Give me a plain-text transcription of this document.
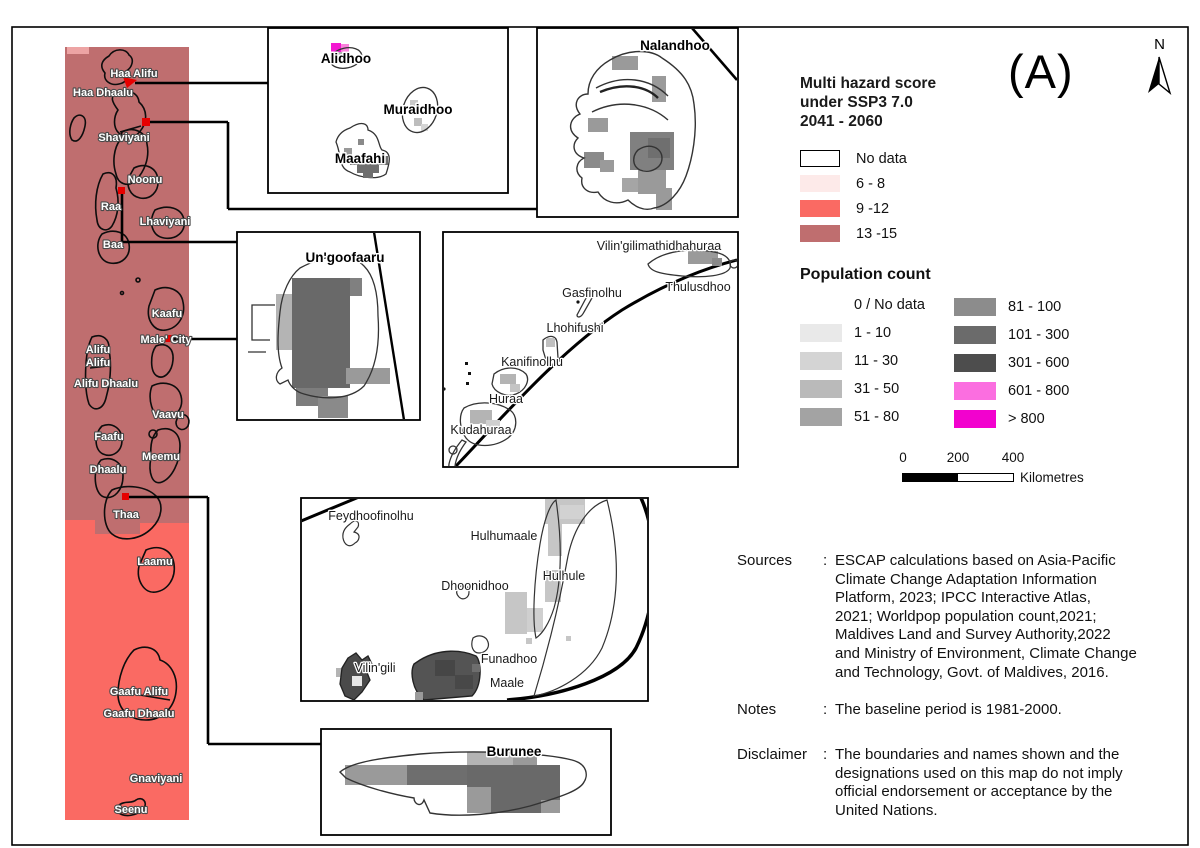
Haa Alifu
Haa Dhaalu
Shaviyani
Noonu
Raa
Lhaviyani
Baa
Kaafu
Male' City
Alifu
Alifu
Alifu Dhaalu
Vaavu
Faafu
Meemu
Dhaalu
Thaa
Laamu
Gaafu Alifu
Gaafu Dhaalu
Gnaviyani
Seenu
Alidhoo
Muraidhoo
Maafahi
Nalandhoo
Un'goofaaru
Burunee
Vilin'gilimathidhahuraa
Thulusdhoo
Gasfinolhu
Lhohifushi
Kanifinolhu
Huraa
Kudahuraa
Feydhoofinolhu
Hulhumaale
Hulhule
Dhoonidhoo
Vilin'gili
Funadhoo
Maale
(A)
N
Multi hazard score
under SSP3 7.0
2041 - 2060
No data
6 - 8
9 -12
13 -15
Population count
0 / No data
1 - 10
11 - 30
31 - 50
51 - 80
81 - 100
101 - 300
301 - 600
601 - 800
> 800
0	200 400
Kilometres
Sources	: ESCAP calculations based on Asia-Pacific
Climate Change Adaptation Information
Platform, 2023; IPCC Interactive Atlas,
2021; Worldpop population count,2021;
Maldives Land and Survey Authority,2022
and Ministry of Environment, Climate Change
and Technology, Govt. of Maldives, 2016.
Notes	: The baseline period is 1981-2000.
Disclaimer	: The boundaries and names shown and the
designations used on this map do not imply
official endorsement or acceptance by the
United Nations.
